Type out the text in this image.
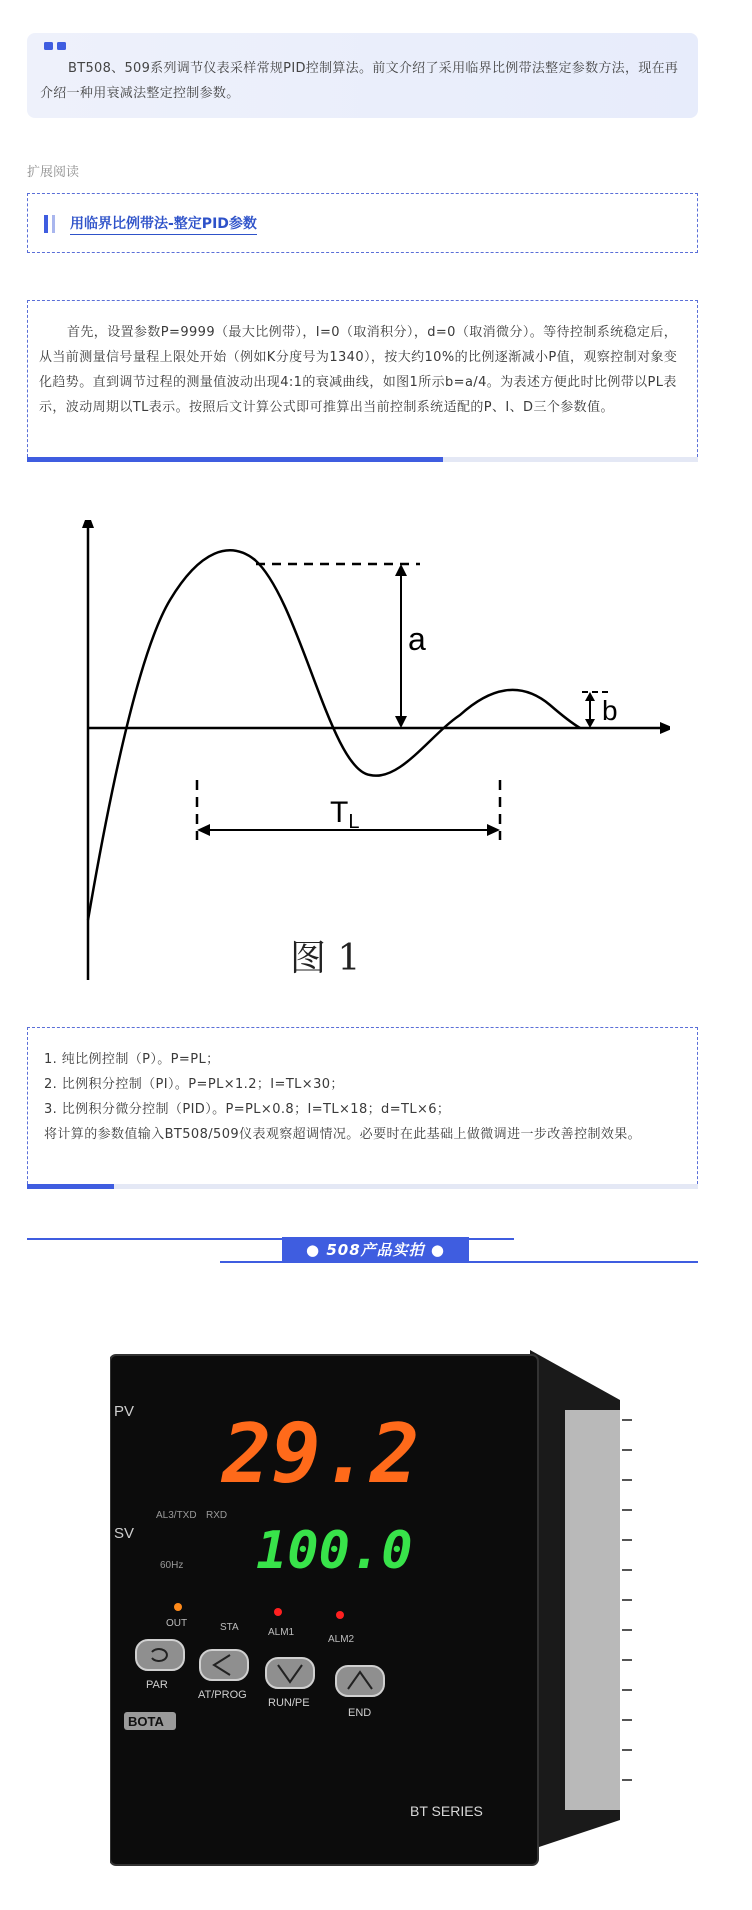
BT508、509系列调节仪表采样常规PID控制算法。前文介绍了采用临界比例带法整定参数方法，现在再介绍一种用衰减法整定控制参数。

扩展阅读
用临界比例带法-整定PID参数

首先，设置参数P=9999（最大比例带），I=0（取消积分），d=0（取消微分）。等待控制系统稳定后，从当前测量信号量程上限处开始（例如K分度号为1340），按大约10%的比例逐渐减小P值，观察控制对象变化趋势。直到调节过程的测量值波动出现4:1的衰减曲线，如图1所示b=a/4。为表述方便此时比例带以PL表示，波动周期以TL表示。按照后文计算公式即可推算出当前控制系统适配的P、I、D三个参数值。

a
b
$T_L$
图 1
1. 纯比例控制（P）。P=PL；
2. 比例积分控制（PI）。P=PL×1.2；I=TL×30；
3. 比例积分微分控制（PID）。P=PL×0.8；I=TL×18；d=TL×6；
将计算的参数值输入BT508/509仪表观察超调情况。必要时在此基础上做微调进一步改善控制效果。
● 508产品实拍 ●
PV
SV
AL3/TXD RXD
60Hz
29.2
100.0
OUT	STA	ALM1
ALM2
PAR
AT/PROG
RUN/PE
END
BOTA
BT SERIES
